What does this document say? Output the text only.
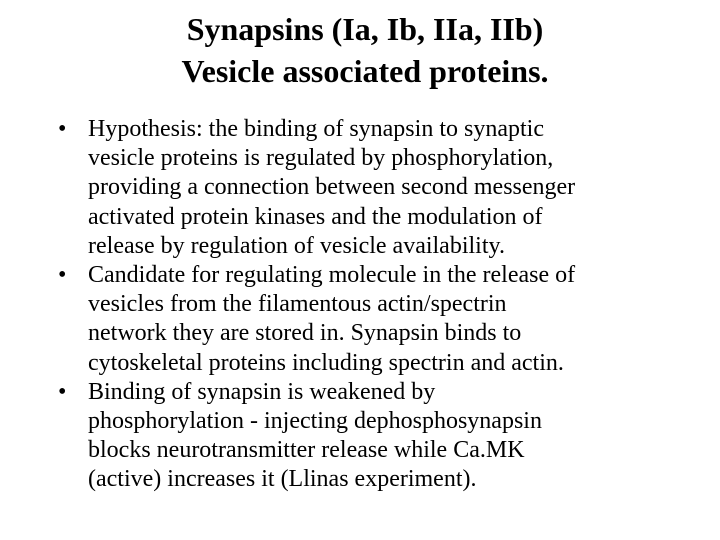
Synapsins (Ia, Ib, IIa, IIb)
Vesicle associated proteins.
• Hypothesis: the binding of synapsin to synaptic
vesicle proteins is regulated by phosphorylation,
providing a connection between second messenger
activated protein kinases and the modulation of
release by regulation of vesicle availability.
• Candidate for regulating molecule in the release of
vesicles from the filamentous actin/spectrin
network they are stored in. Synapsin binds to
cytoskeletal proteins including spectrin and actin.
• Binding of synapsin is weakened by
phosphorylation - injecting dephosphosynapsin
blocks neurotransmitter release while Ca.MK
(active) increases it (Llinas experiment).
